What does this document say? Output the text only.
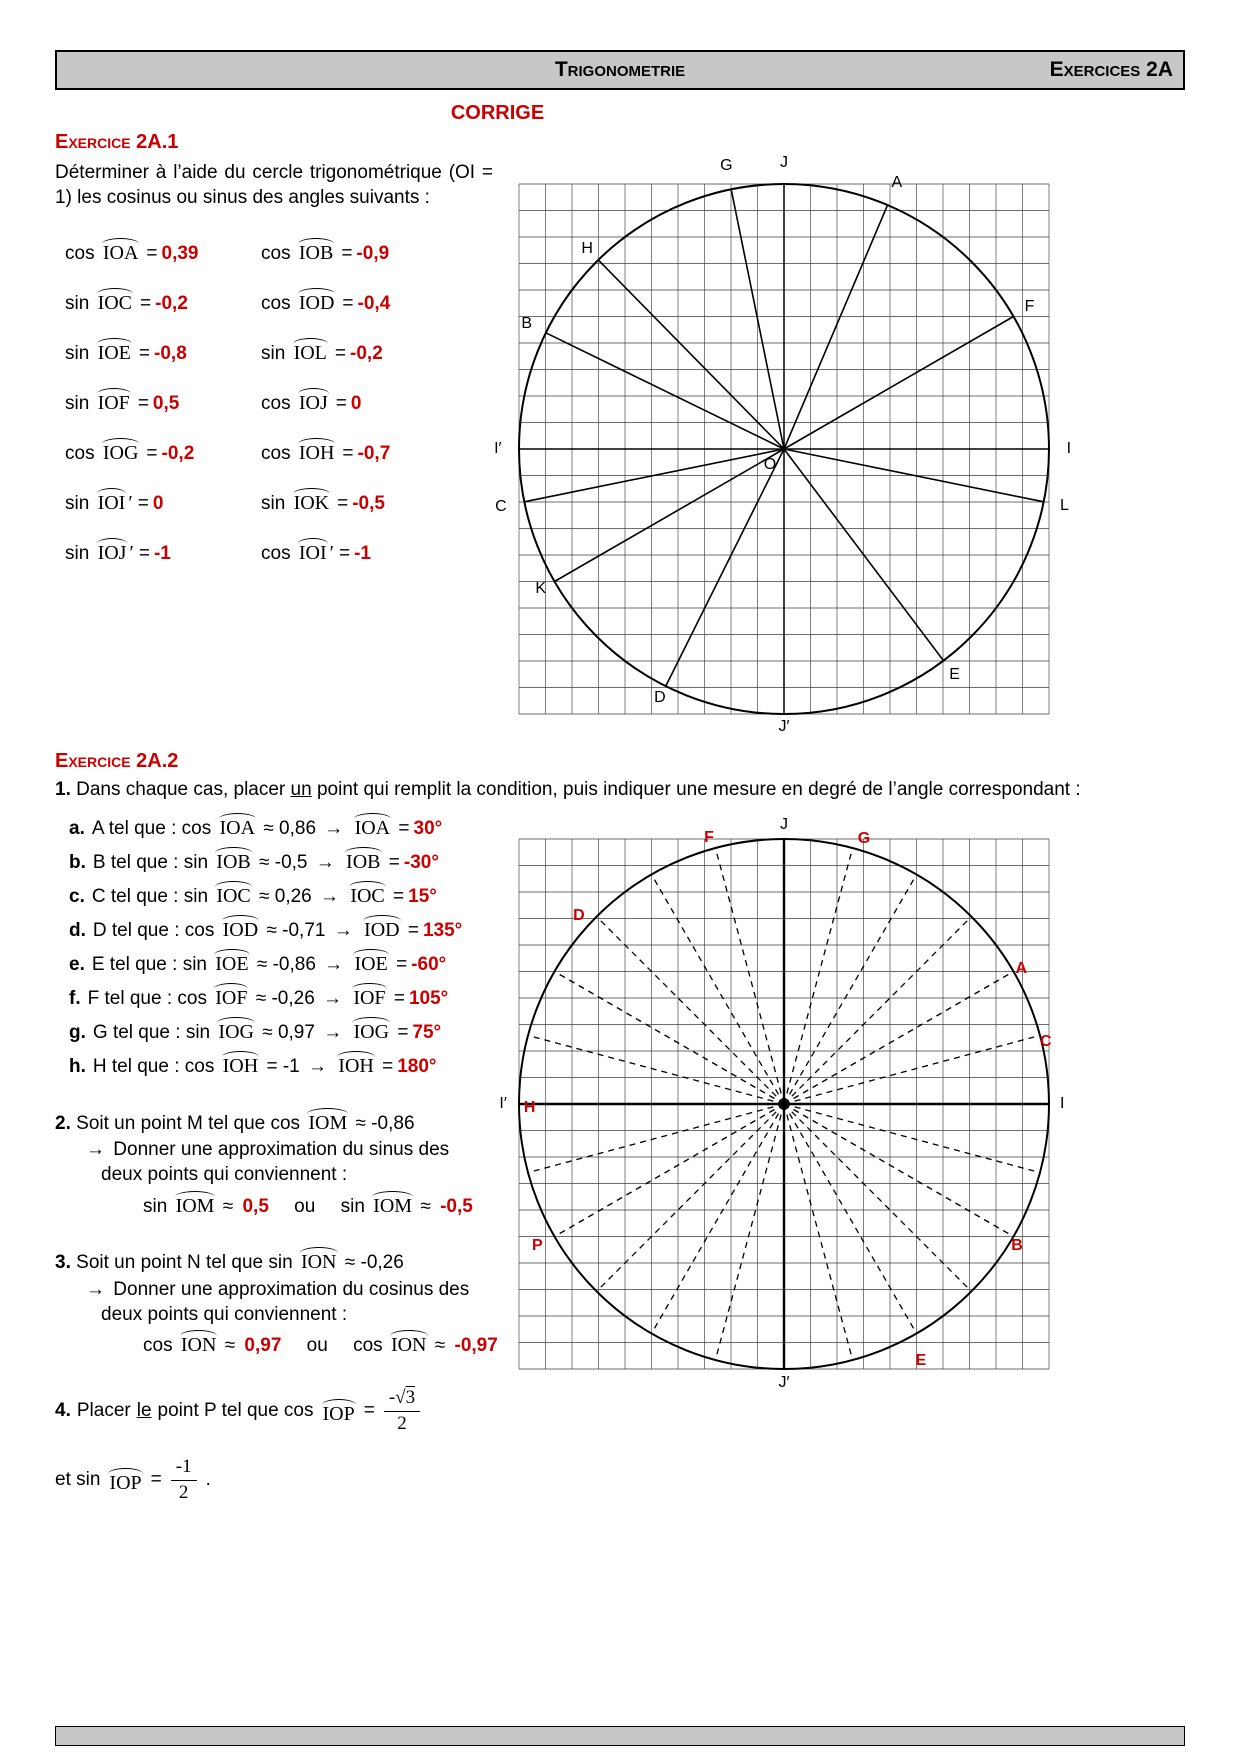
Trigonometrie	Exercices 2A
CORRIGE
Exercice 2A.1

Déterminer à l’aide du cercle trigonométrique (OI = 1) les cosinus ou sinus des angles suivants :

cos IOA = 0,39	cos IOB = -0,9
sin IOC = -0,2	cos IOD = -0,4
sin IOE = -0,8	sin IOL = -0,2
sin IOF = 0,5	cos IOJ = 0
cos IOG = -0,2	cos IOH = -0,7
sin IOI ′ = 0	sin IOK = -0,5
sin IOJ ′ = -1	cos IOI ′ = -1
J
G
A
H
B
F
I′	I
C	L
K
E
D
J′
O
Exercice 2A.2

1. Dans chaque cas, placer un point qui remplit la condition, puis indiquer une mesure en degré de l’angle correspondant :

a. A tel que : cos IOA ≈ 0,86 → IOA = 30°
b. B tel que : sin IOB ≈ -0,5 → IOB = -30°
c. C tel que : sin IOC ≈ 0,26 → IOC = 15°
d. D tel que : cos IOD ≈ -0,71 → IOD = 135°
e. E tel que : sin IOE ≈ -0,86 → IOE = -60°
f. F tel que : cos IOF ≈ -0,26 → IOF = 105°
g. G tel que : sin IOG ≈ 0,97 → IOG = 75°
h. H tel que : cos IOH = -1 → IOH = 180°
2. Soit un point M tel que cos IOM ≈ -0,86
→ Donner une approximation du sinus des deux points qui conviennent :
sin IOM ≈ 0,5 ou sin IOM ≈ -0,5
3. Soit un point N tel que sin ION ≈ -0,26
→ Donner une approximation du cosinus des deux points qui conviennent :
cos ION ≈ 0,97 ou cos ION ≈ -0,97
4. Placer le point P tel que cos IOP = $\frac{-√3}{2}$
et sin IOP = $\frac{-1}{2}$ .
J
J′
I
I′
F	G
D
A
C
H
P	B
E
